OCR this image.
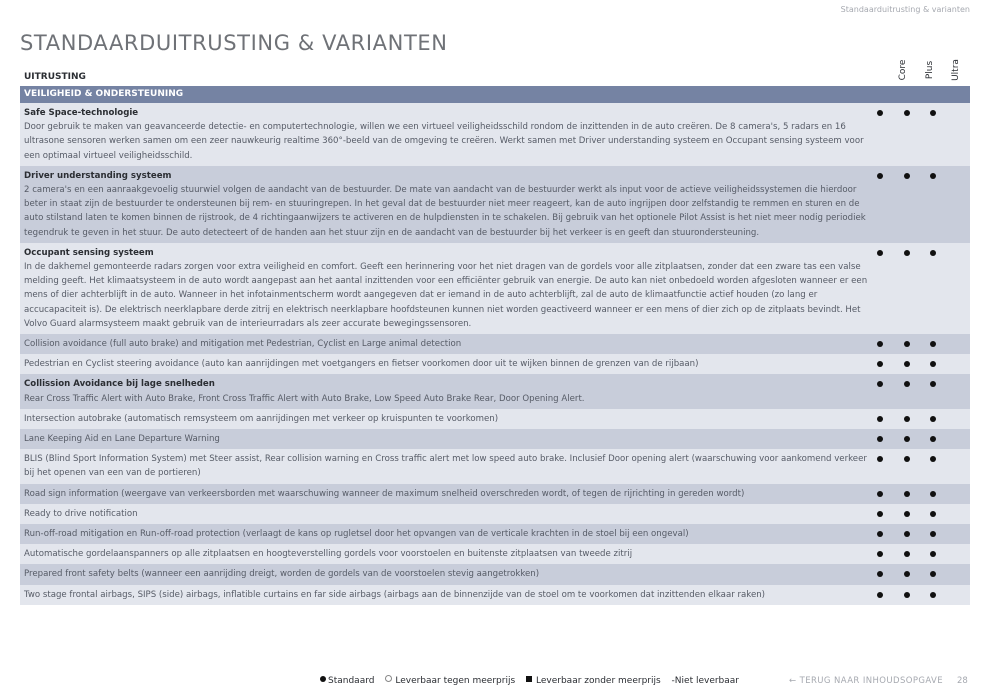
Standaarduitrusting & varianten
STANDAARDUITRUSTING & VARIANTEN
UITRUSTING	Core Plus Ultra
VEILIGHEID & ONDERSTEUNING
Safe Space-technologie
Door gebruik te maken van geavanceerde detectie- en computertechnologie, willen we een virtueel veiligheidsschild rondom de inzittenden in de auto creëren. De 8 camera's, 5 radars en 16 ultrasone sensoren werken samen om een zeer nauwkeurig realtime 360°-beeld van de omgeving te creëren. Werkt samen met Driver understanding systeem en Occupant sensing systeem voor een optimaal virtueel veiligheidsschild.
Driver understanding systeem
2 camera's en een aanraakgevoelig stuurwiel volgen de aandacht van de bestuurder. De mate van aandacht van de bestuurder werkt als input voor de actieve veiligheidssystemen die hierdoor beter in staat zijn de bestuurder te ondersteunen bij rem- en stuuringrepen. In het geval dat de bestuurder niet meer reageert, kan de auto ingrijpen door zelfstandig te remmen en sturen en de auto stilstand laten te komen binnen de rijstrook, de 4 richtingaanwijzers te activeren en de hulpdiensten in te schakelen. Bij gebruik van het optionele Pilot Assist is het niet meer nodig periodiek tegendruk te geven in het stuur. De auto detecteert of de handen aan het stuur zijn en de aandacht van de bestuurder bij het verkeer is en geeft dan stuurondersteuning.
Occupant sensing systeem
In de dakhemel gemonteerde radars zorgen voor extra veiligheid en comfort. Geeft een herinnering voor het niet dragen van de gordels voor alle zitplaatsen, zonder dat een zware tas een valse melding geeft. Het klimaatsysteem in de auto wordt aangepast aan het aantal inzittenden voor een efficiënter gebruik van energie. De auto kan niet onbedoeld worden afgesloten wanneer er een mens of dier achterblijft in de auto. Wanneer in het infotainmentscherm wordt aangegeven dat er iemand in de auto achterblijft, zal de auto de klimaatfunctie actief houden (zo lang er accucapaciteit is). De elektrisch neerklapbare derde zitrij en elektrisch neerklapbare hoofdsteunen kunnen niet worden geactiveerd wanneer er een mens of dier zich op de zitplaats bevindt. Het Volvo Guard alarmsysteem maakt gebruik van de interieurradars als zeer accurate bewegingssensoren.
Collision avoidance (full auto brake) and mitigation met Pedestrian, Cyclist en Large animal detection
Pedestrian en Cyclist steering avoidance (auto kan aanrijdingen met voetgangers en fietser voorkomen door uit te wijken binnen de grenzen van de rijbaan)
Collission Avoidance bij lage snelheden
Rear Cross Traffic Alert with Auto Brake, Front Cross Traffic Alert with Auto Brake, Low Speed Auto Brake Rear, Door Opening Alert.
Intersection autobrake (automatisch remsysteem om aanrijdingen met verkeer op kruispunten te voorkomen)
Lane Keeping Aid en Lane Departure Warning
BLIS (Blind Sport Information System) met Steer assist, Rear collision warning en Cross traffic alert met low speed auto brake. Inclusief Door opening alert (waarschuwing voor aankomend verkeer bij het openen van een van de portieren)
Road sign information (weergave van verkeersborden met waarschuwing wanneer de maximum snelheid overschreden wordt, of tegen de rijrichting in gereden wordt)
Ready to drive notification
Run-off-road mitigation en Run-off-road protection (verlaagt de kans op rugletsel door het opvangen van de verticale krachten in de stoel bij een ongeval)
Automatische gordelaanspanners op alle zitplaatsen en hoogteverstelling gordels voor voorstoelen en buitenste zitplaatsen van tweede zitrij
Prepared front safety belts (wanneer een aanrijding dreigt, worden de gordels van de voorstoelen stevig aangetrokken)
Two stage frontal airbags, SIPS (side) airbags, inflatible curtains en far side airbags (airbags aan de binnenzijde van de stoel om te voorkomen dat inzittenden elkaar raken)
Standaard Leverbaar tegen meerprijs Leverbaar zonder meerprijs -Niet leverbaar	← TERUG NAAR INHOUDSOPGAVE 28
